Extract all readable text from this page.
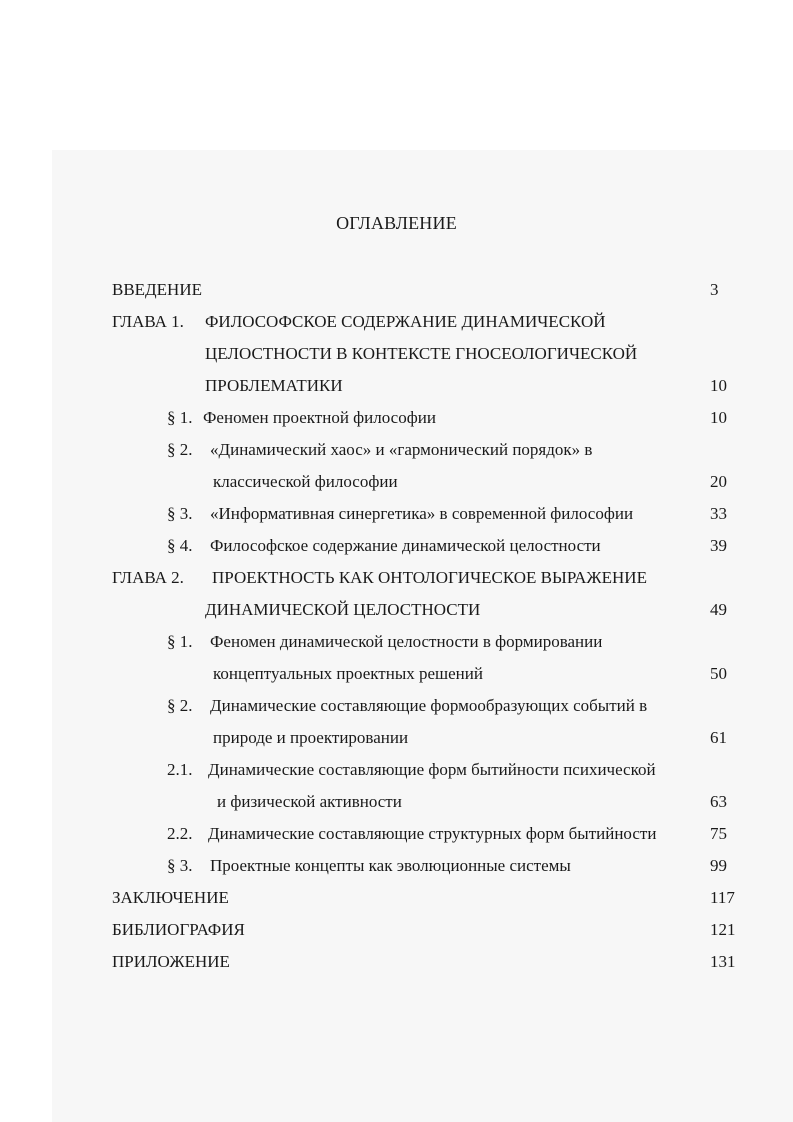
ОГЛАВЛЕНИЕ
ВВЕДЕНИЕ	3
ГЛАВА 1. ФИЛОСОФСКОЕ СОДЕРЖАНИЕ ДИНАМИЧЕСКОЙ
ЦЕЛОСТНОСТИ В КОНТЕКСТЕ ГНОСЕОЛОГИЧЕСКОЙ
ПРОБЛЕМАТИКИ	10
§ 1. Феномен проектной философии	10
§ 2. «Динамический хаос» и «гармонический порядок» в
классической философии	20
§ 3. «Информативная синергетика» в современной философии	33
§ 4. Философское содержание динамической целостности	39
ГЛАВА 2. ПРОЕКТНОСТЬ КАК ОНТОЛОГИЧЕСКОЕ ВЫРАЖЕНИЕ
ДИНАМИЧЕСКОЙ ЦЕЛОСТНОСТИ	49
§ 1. Феномен динамической целостности в формировании
концептуальных проектных решений	50
§ 2. Динамические составляющие формообразующих событий в
природе и проектировании	61
2.1. Динамические составляющие форм бытийности психической
и физической активности	63
2.2. Динамические составляющие структурных форм бытийности	75
§ 3. Проектные концепты как эволюционные системы	99
ЗАКЛЮЧЕНИЕ	117
БИБЛИОГРАФИЯ	121
ПРИЛОЖЕНИЕ	131
